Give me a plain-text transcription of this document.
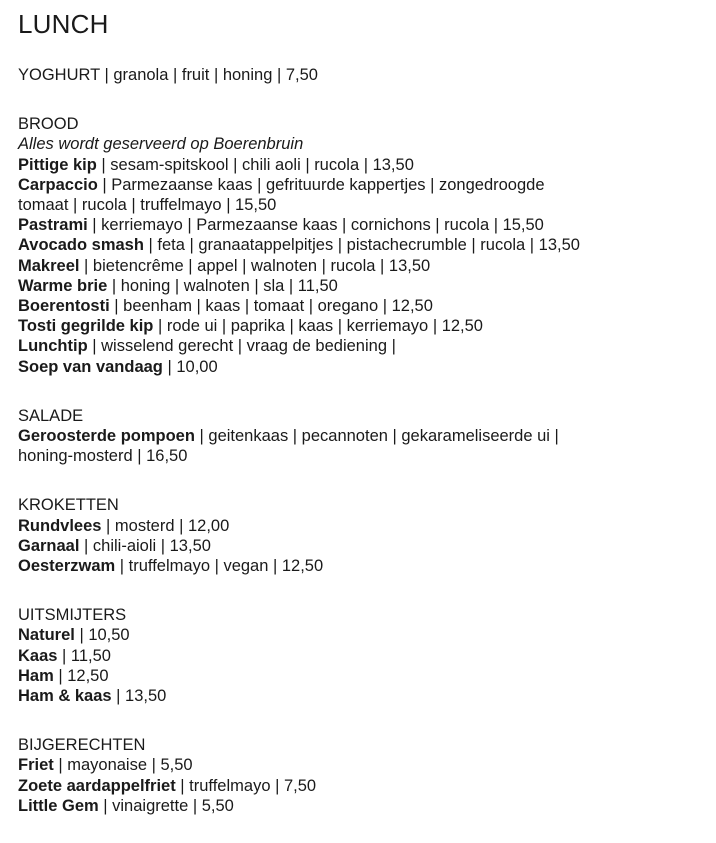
LUNCH
YOGHURT | granola | fruit | honing | 7,50
BROOD
Alles wordt geserveerd op Boerenbruin
Pittige kip | sesam-spitskool | chili aoli | rucola | 13,50
Carpaccio | Parmezaanse kaas | gefrituurde kappertjes | zongedroogde tomaat | rucola | truffelmayo | 15,50
Pastrami | kerriemayo | Parmezaanse kaas | cornichons | rucola | 15,50
Avocado smash | feta | granaatappelpitjes | pistachecrumble | rucola | 13,50
Makreel | bietencrême | appel | walnoten | rucola | 13,50
Warme brie | honing | walnoten | sla | 11,50
Boerentosti | beenham | kaas | tomaat | oregano | 12,50
Tosti gegrilde kip | rode ui | paprika | kaas | kerriemayo | 12,50
Lunchtip | wisselend gerecht | vraag de bediening |
Soep van vandaag | 10,00
SALADE
Geroosterde pompoen | geitenkaas | pecannoten | gekarameliseerde ui | honing-mosterd | 16,50
KROKETTEN
Rundvlees | mosterd | 12,00
Garnaal | chili-aioli | 13,50
Oesterzwam | truffelmayo | vegan | 12,50
UITSMIJTERS
Naturel | 10,50
Kaas | 11,50
Ham | 12,50
Ham & kaas | 13,50
BIJGERECHTEN
Friet | mayonaise | 5,50
Zoete aardappelfriet | truffelmayo | 7,50
Little Gem | vinaigrette | 5,50
